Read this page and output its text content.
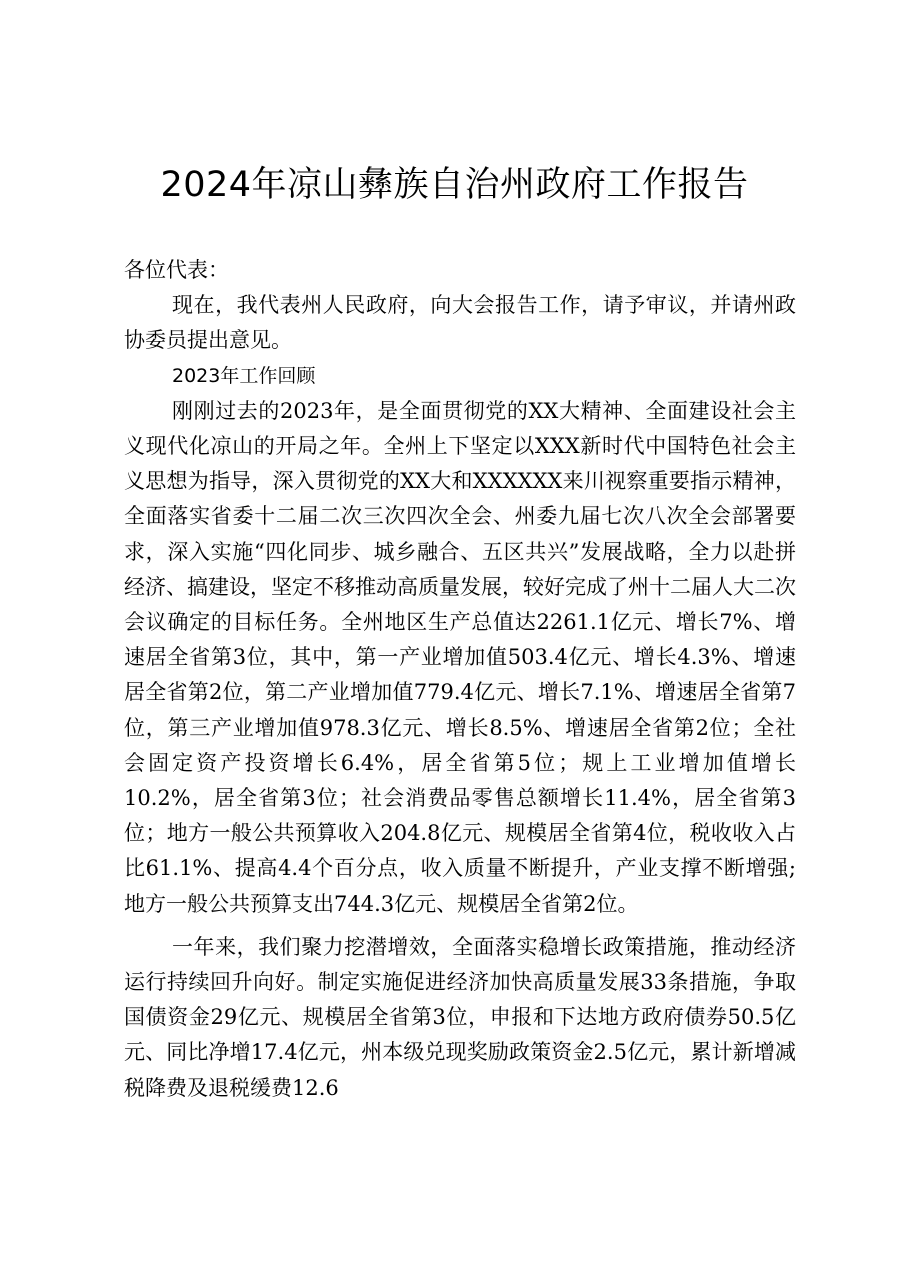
2024年凉山彝族自治州政府工作报告

各位代表：

现在，我代表州人民政府，向大会报告工作，请予审议，并请州政协委员提出意见。

2023年工作回顾

刚刚过去的2023年，是全面贯彻党的XX大精神、全面建设社会主义现代化凉山的开局之年。全州上下坚定以XXX新时代中国特色社会主义思想为指导，深入贯彻党的XX大和XXXXXX来川视察重要指示精神，全面落实省委十二届二次三次四次全会、州委九届七次八次全会部署要求，深入实施“四化同步、城乡融合、五区共兴”发展战略，全力以赴拼经济、搞建设，坚定不移推动高质量发展，较好完成了州十二届人大二次会议确定的目标任务。全州地区生产总值达2261.1亿元、增长7%、增速居全省第3位，其中，第一产业增加值503.4亿元、增长4.3%、增速居全省第2位，第二产业增加值779.4亿元、增长7.1%、增速居全省第7位，第三产业增加值978.3亿元、增长8.5%、增速居全省第2位；全社会固定资产投资增长6.4%，居全省第5位；规上工业增加值增长10.2%，居全省第3位；社会消费品零售总额增长11.4%，居全省第3位；地方一般公共预算收入204.8亿元、规模居全省第4位，税收收入占比61.1%、提高4.4个百分点，收入质量不断提升，产业支撑不断增强;地方一般公共预算支出744.3亿元、规模居全省第2位。

一年来，我们聚力挖潜增效，全面落实稳增长政策措施，推动经济运行持续回升向好。制定实施促进经济加快高质量发展33条措施，争取国债资金29亿元、规模居全省第3位，申报和下达地方政府债券50.5亿元、同比净增17.4亿元，州本级兑现奖励政策资金2.5亿元，累计新增减税降费及退税缓费12.6
